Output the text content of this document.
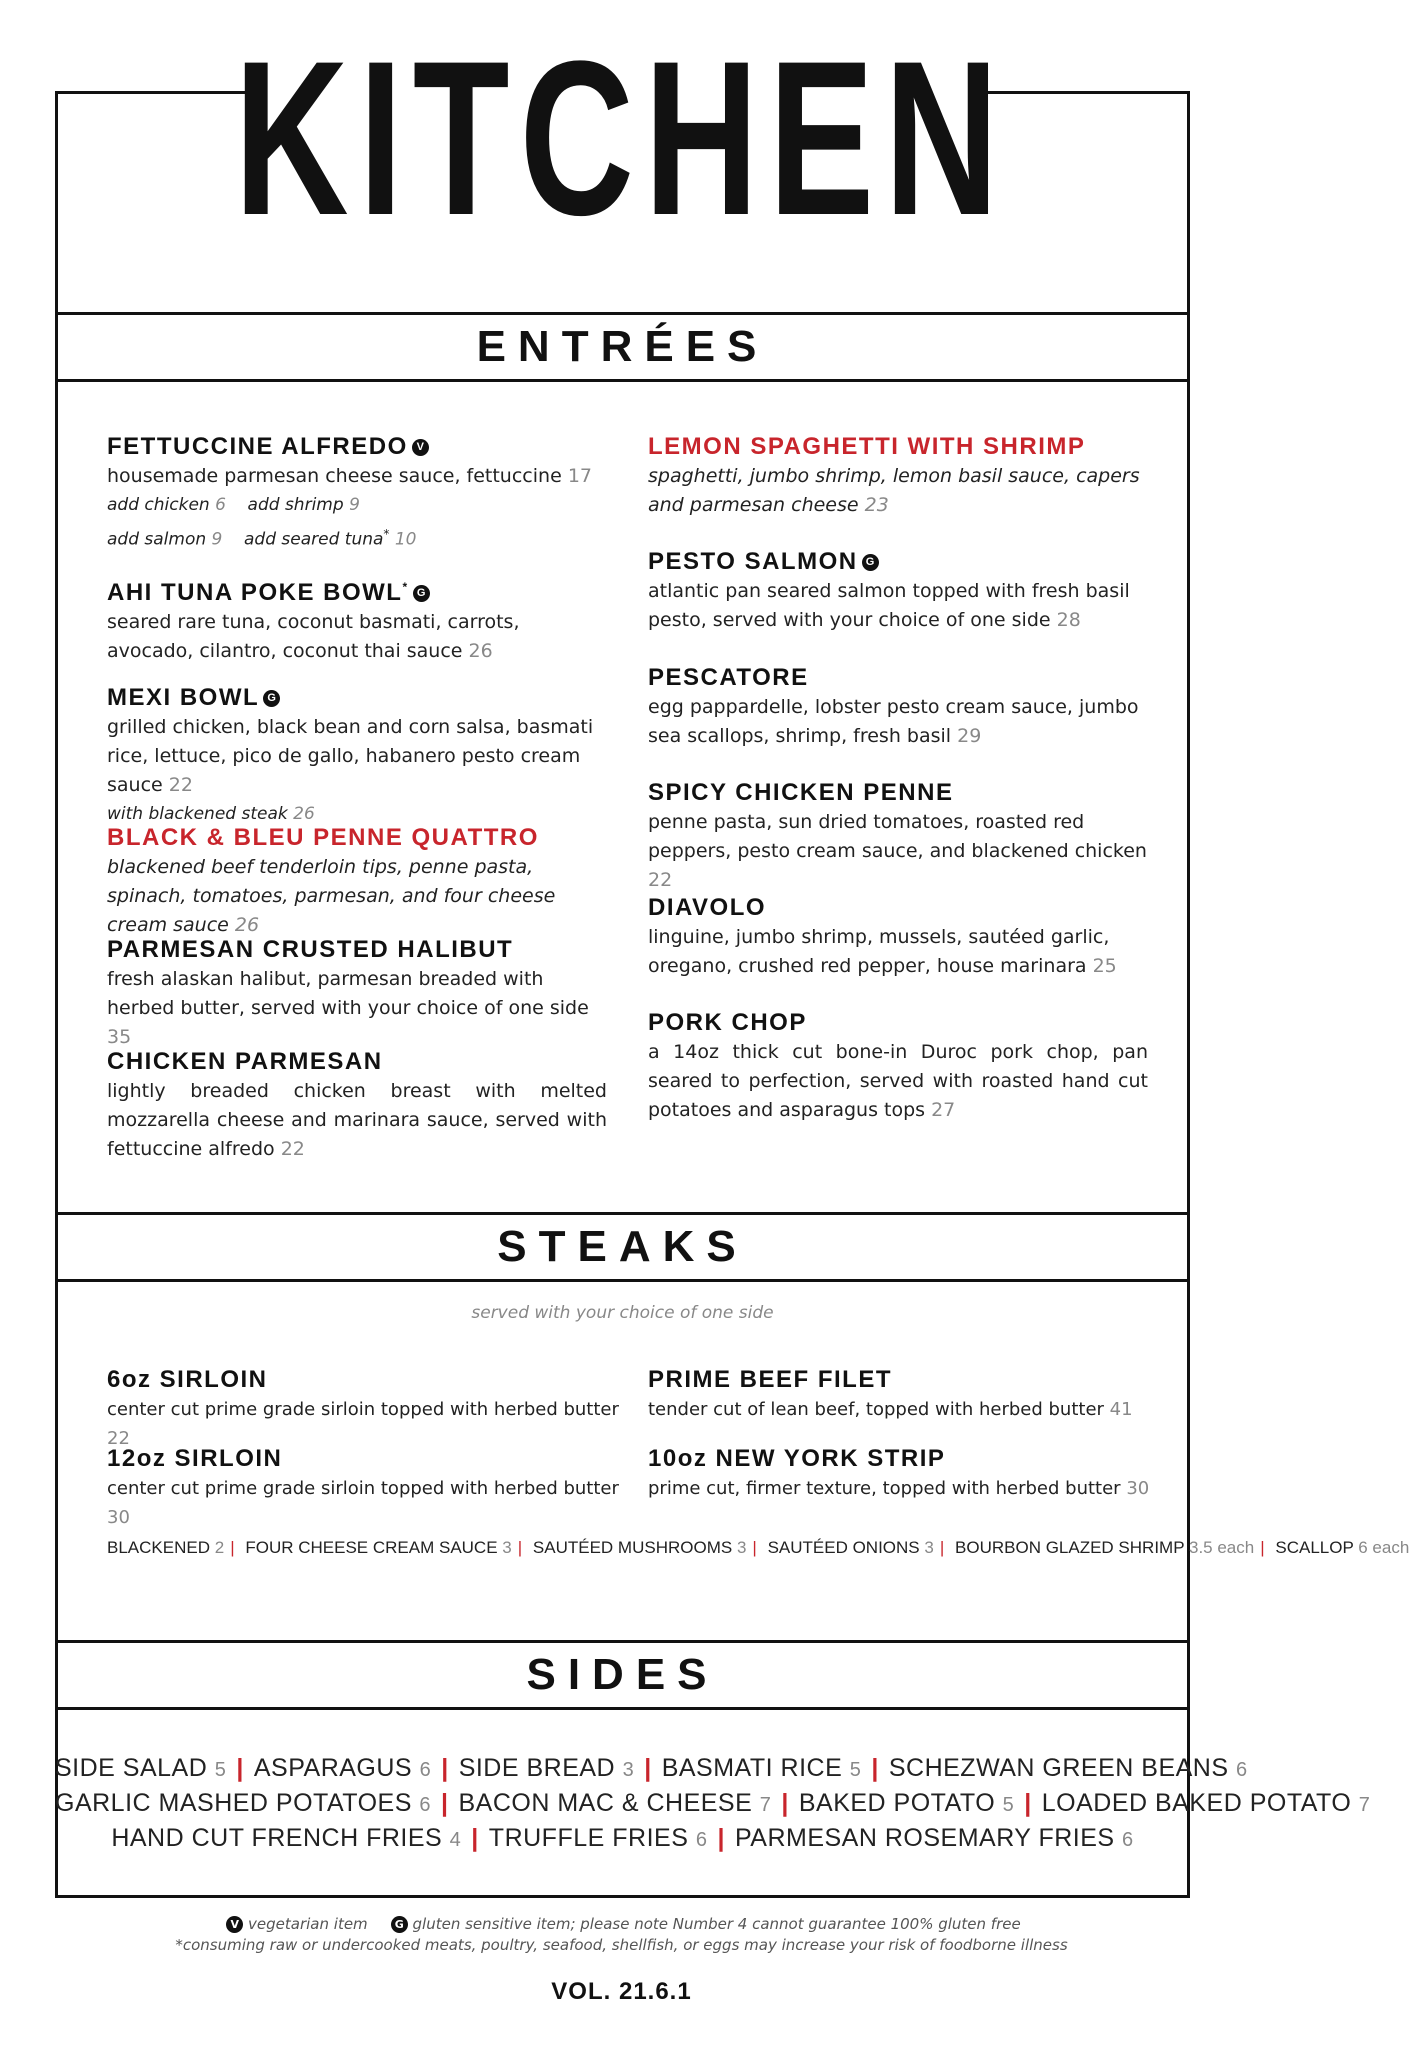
KITCHEN
ENTRÉES
FETTUCCINE ALFREDO V
housemade parmesan cheese sauce, fettuccine 17
add chicken 6 add shrimp 9
add salmon 9 add seared tuna* 10
AHI TUNA POKE BOWL* G
seared rare tuna, coconut basmati, carrots, avocado, cilantro, coconut thai sauce 26
MEXI BOWL G
grilled chicken, black bean and corn salsa, basmati rice, lettuce, pico de gallo, habanero pesto cream sauce 22
with blackened steak 26
BLACK & BLEU PENNE QUATTRO
blackened beef tenderloin tips, penne pasta, spinach, tomatoes, parmesan, and four cheese cream sauce 26
PARMESAN CRUSTED HALIBUT
fresh alaskan halibut, parmesan breaded with herbed butter, served with your choice of one side 35
CHICKEN PARMESAN
lightly breaded chicken breast with melted mozzarella cheese and marinara sauce, served with fettuccine alfredo 22
LEMON SPAGHETTI WITH SHRIMP
spaghetti, jumbo shrimp, lemon basil sauce, capers and parmesan cheese 23
PESTO SALMON G
atlantic pan seared salmon topped with fresh basil pesto, served with your choice of one side 28
PESCATORE
egg pappardelle, lobster pesto cream sauce, jumbo sea scallops, shrimp, fresh basil 29
SPICY CHICKEN PENNE
penne pasta, sun dried tomatoes, roasted red peppers, pesto cream sauce, and blackened chicken 22
DIAVOLO
linguine, jumbo shrimp, mussels, sautéed garlic, oregano, crushed red pepper, house marinara 25
PORK CHOP
a 14oz thick cut bone-in Duroc pork chop, pan seared to perfection, served with roasted hand cut potatoes and asparagus tops 27
STEAKS
served with your choice of one side
6oz SIRLOIN
center cut prime grade sirloin topped with herbed butter 22
12oz SIRLOIN
center cut prime grade sirloin topped with herbed butter 30
PRIME BEEF FILET
tender cut of lean beef, topped with herbed butter 41
10oz NEW YORK STRIP
prime cut, firmer texture, topped with herbed butter 30
BLACKENED 2 | FOUR CHEESE CREAM SAUCE 3 | SAUTÉED MUSHROOMS 3 | SAUTÉED ONIONS 3 | BOURBON GLAZED SHRIMP 3.5 each | SCALLOP 6 each
SIDES
SIDE SALAD 5 | ASPARAGUS 6 | SIDE BREAD 3 | BASMATI RICE 5 | SCHEZWAN GREEN BEANS 6
GARLIC MASHED POTATOES 6 | BACON MAC & CHEESE 7 | BAKED POTATO 5 | LOADED BAKED POTATO 7
HAND CUT FRENCH FRIES 4 | TRUFFLE FRIES 6 | PARMESAN ROSEMARY FRIES 6
V vegetarian item G gluten sensitive item; please note Number 4 cannot guarantee 100% gluten free
*consuming raw or undercooked meats, poultry, seafood, shellfish, or eggs may increase your risk of foodborne illness
VOL. 21.6.1
